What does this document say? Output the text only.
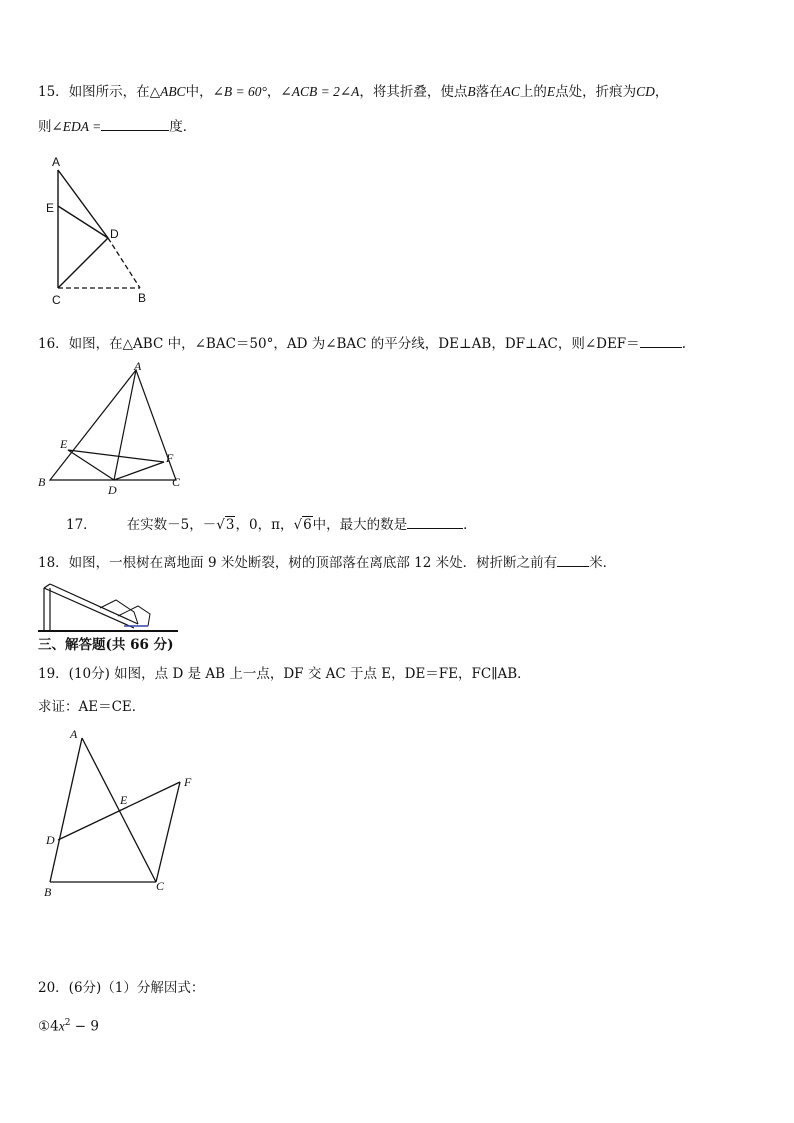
15．如图所示，在△ABC中，∠B = 60°，∠ACB = 2∠A，将其折叠，使点B落在AC上的E点处，折痕为CD，
则∠EDA =	度．
A
E
D
C	B
16．如图，在△ABC 中，∠BAC＝50°，AD 为∠BAC 的平分线，DE⊥AB，DF⊥AC，则∠DEF＝	.
A
E
F
B
D
C
17． 在实数－5，－√3，0，π，√6中，最大的数是	．
18．如图，一根树在离地面 9 米处断裂，树的顶部落在离底部 12 米处．树折断之前有 米．
三、解答题(共 66 分)
19．(10分) 如图，点 D 是 AB 上一点，DF 交 AC 于点 E，DE＝FE，FC∥AB．
求证：AE＝CE．
A
F
E
D
B	C
20．(6分)（1）分解因式：
$①4x^2 - 9$
